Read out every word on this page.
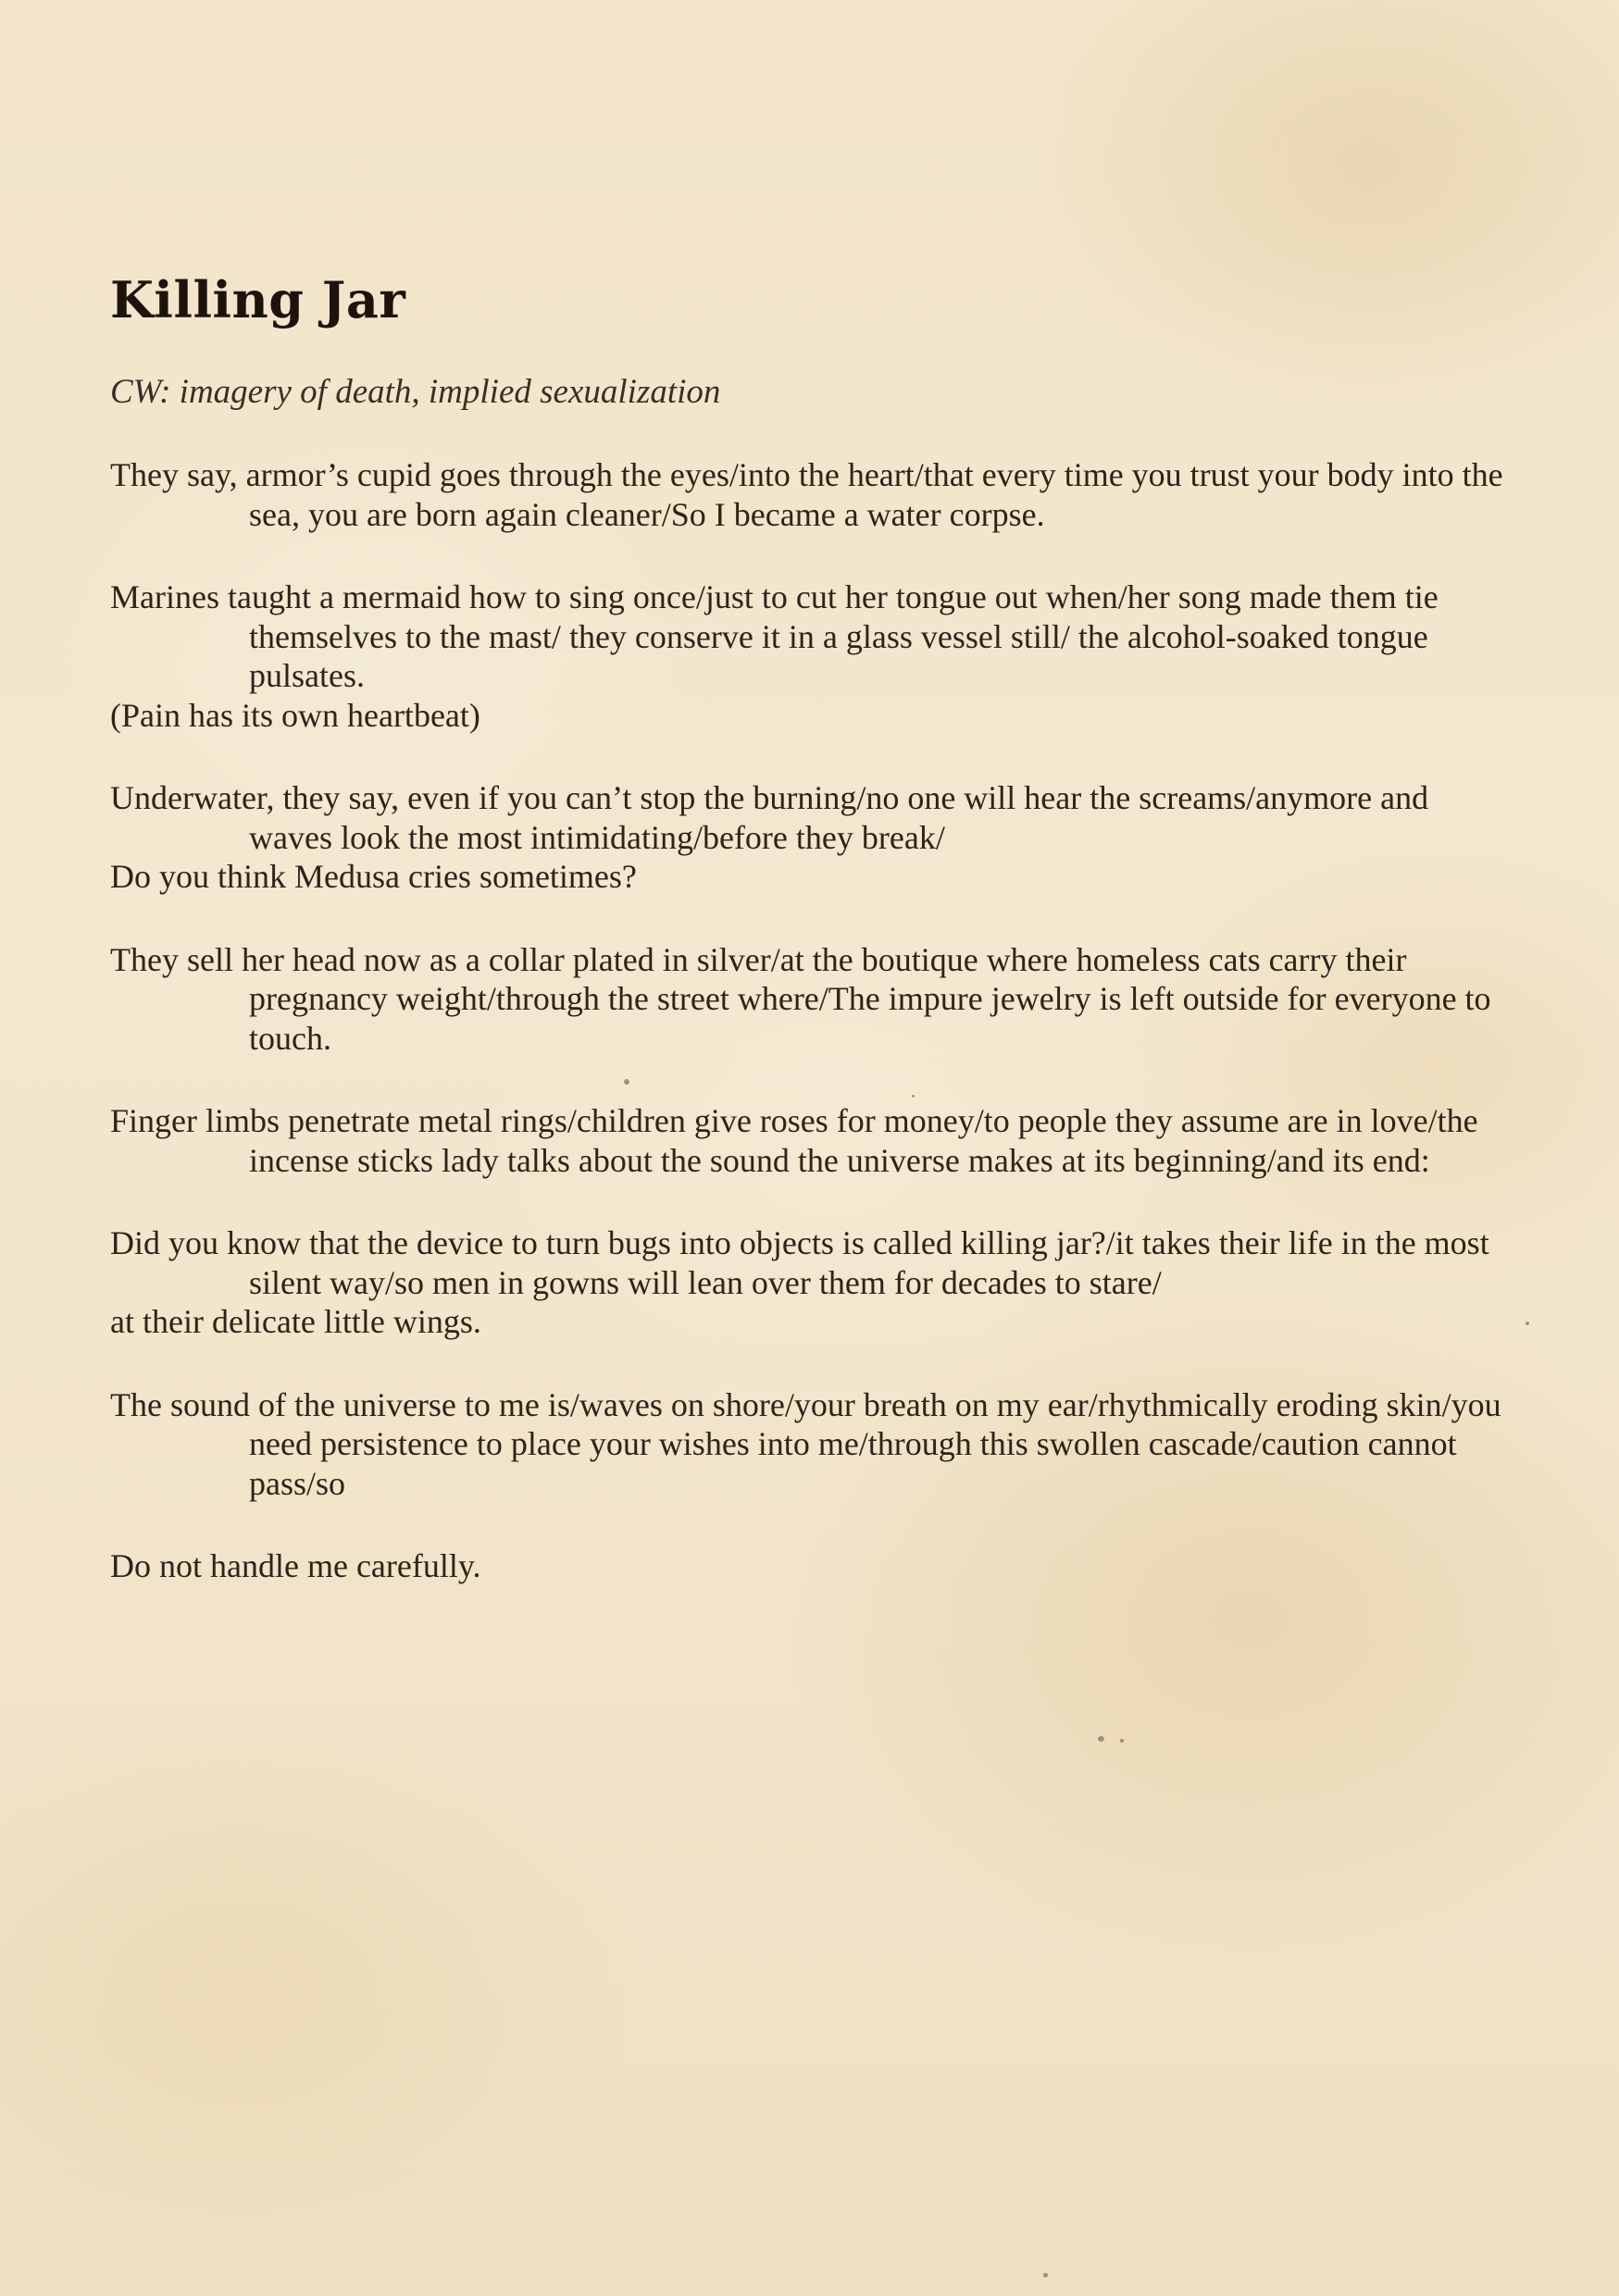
Killing Jar

CW: imagery of death, implied sexualization

They say, armor’s cupid goes through the eyes/into the heart/that every time you trust your body into the sea, you are born again cleaner/So I became a water corpse.

Marines taught a mermaid how to sing once/just to cut her tongue out when/her song made them tie themselves to the mast/ they conserve it in a glass vessel still/ the alcohol-soaked tongue pulsates.

(Pain has its own heartbeat)

Underwater, they say, even if you can’t stop the burning/no one will hear the screams/anymore and waves look the most intimidating/before they break/

Do you think Medusa cries sometimes?

They sell her head now as a collar plated in silver/at the boutique where homeless cats carry their pregnancy weight/through the street where/The impure jewelry is left outside for everyone to touch.

Finger limbs penetrate metal rings/children give roses for money/to people they assume are in love/the incense sticks lady talks about the sound the universe makes at its beginning/and its end:

Did you know that the device to turn bugs into objects is called killing jar?/it takes their life in the most silent way/so men in gowns will lean over them for decades to stare/

at their delicate little wings.

The sound of the universe to me is/waves on shore/your breath on my ear/rhythmically eroding skin/you need persistence to place your wishes into me/through this swollen cascade/caution cannot pass/so

Do not handle me carefully.
